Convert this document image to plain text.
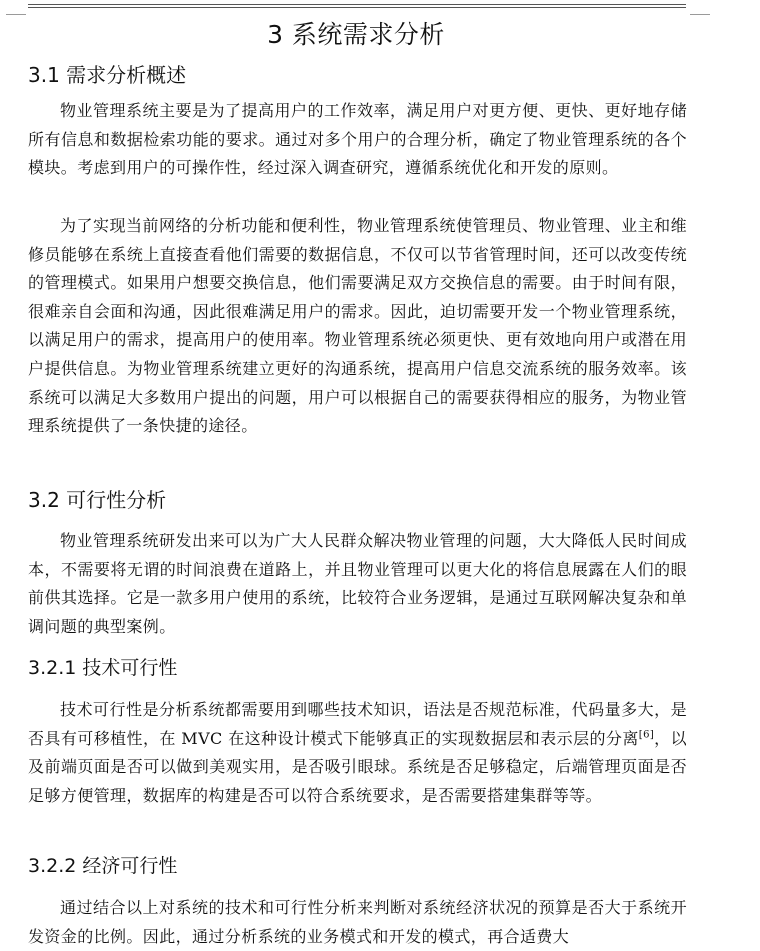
3 系统需求分析
3.1 需求分析概述

物业管理系统主要是为了提高用户的工作效率，满足用户对更方便、更快、更好地存储所有信息和数据检索功能的要求。通过对多个用户的合理分析，确定了物业管理系统的各个模块。考虑到用户的可操作性，经过深入调查研究，遵循系统优化和开发的原则。

为了实现当前网络的分析功能和便利性，物业管理系统使管理员、物业管理、业主和维修员能够在系统上直接查看他们需要的数据信息，不仅可以节省管理时间，还可以改变传统的管理模式。如果用户想要交换信息，他们需要满足双方交换信息的需要。由于时间有限，很难亲自会面和沟通，因此很难满足用户的需求。因此，迫切需要开发一个物业管理系统，以满足用户的需求，提高用户的使用率。物业管理系统必须更快、更有效地向用户或潜在用户提供信息。为物业管理系统建立更好的沟通系统，提高用户信息交流系统的服务效率。该系统可以满足大多数用户提出的问题，用户可以根据自己的需要获得相应的服务，为物业管理系统提供了一条快捷的途径。

3.2 可行性分析

物业管理系统研发出来可以为广大人民群众解决物业管理的问题，大大降低人民时间成本，不需要将无谓的时间浪费在道路上，并且物业管理可以更大化的将信息展露在人们的眼前供其选择。它是一款多用户使用的系统，比较符合业务逻辑，是通过互联网解决复杂和单调问题的典型案例。

3.2.1 技术可行性

技术可行性是分析系统都需要用到哪些技术知识，语法是否规范标准，代码量多大，是否具有可移植性，在 MVC 在这种设计模式下能够真正的实现数据层和表示层的分离[6]，以及前端页面是否可以做到美观实用，是否吸引眼球。系统是否足够稳定，后端管理页面是否足够方便管理，数据库的构建是否可以符合系统要求，是否需要搭建集群等等。

3.2.2 经济可行性

通过结合以上对系统的技术和可行性分析来判断对系统经济状况的预算是否大于系统开发资金的比例。因此，通过分析系统的业务模式和开发的模式，再合适费大
